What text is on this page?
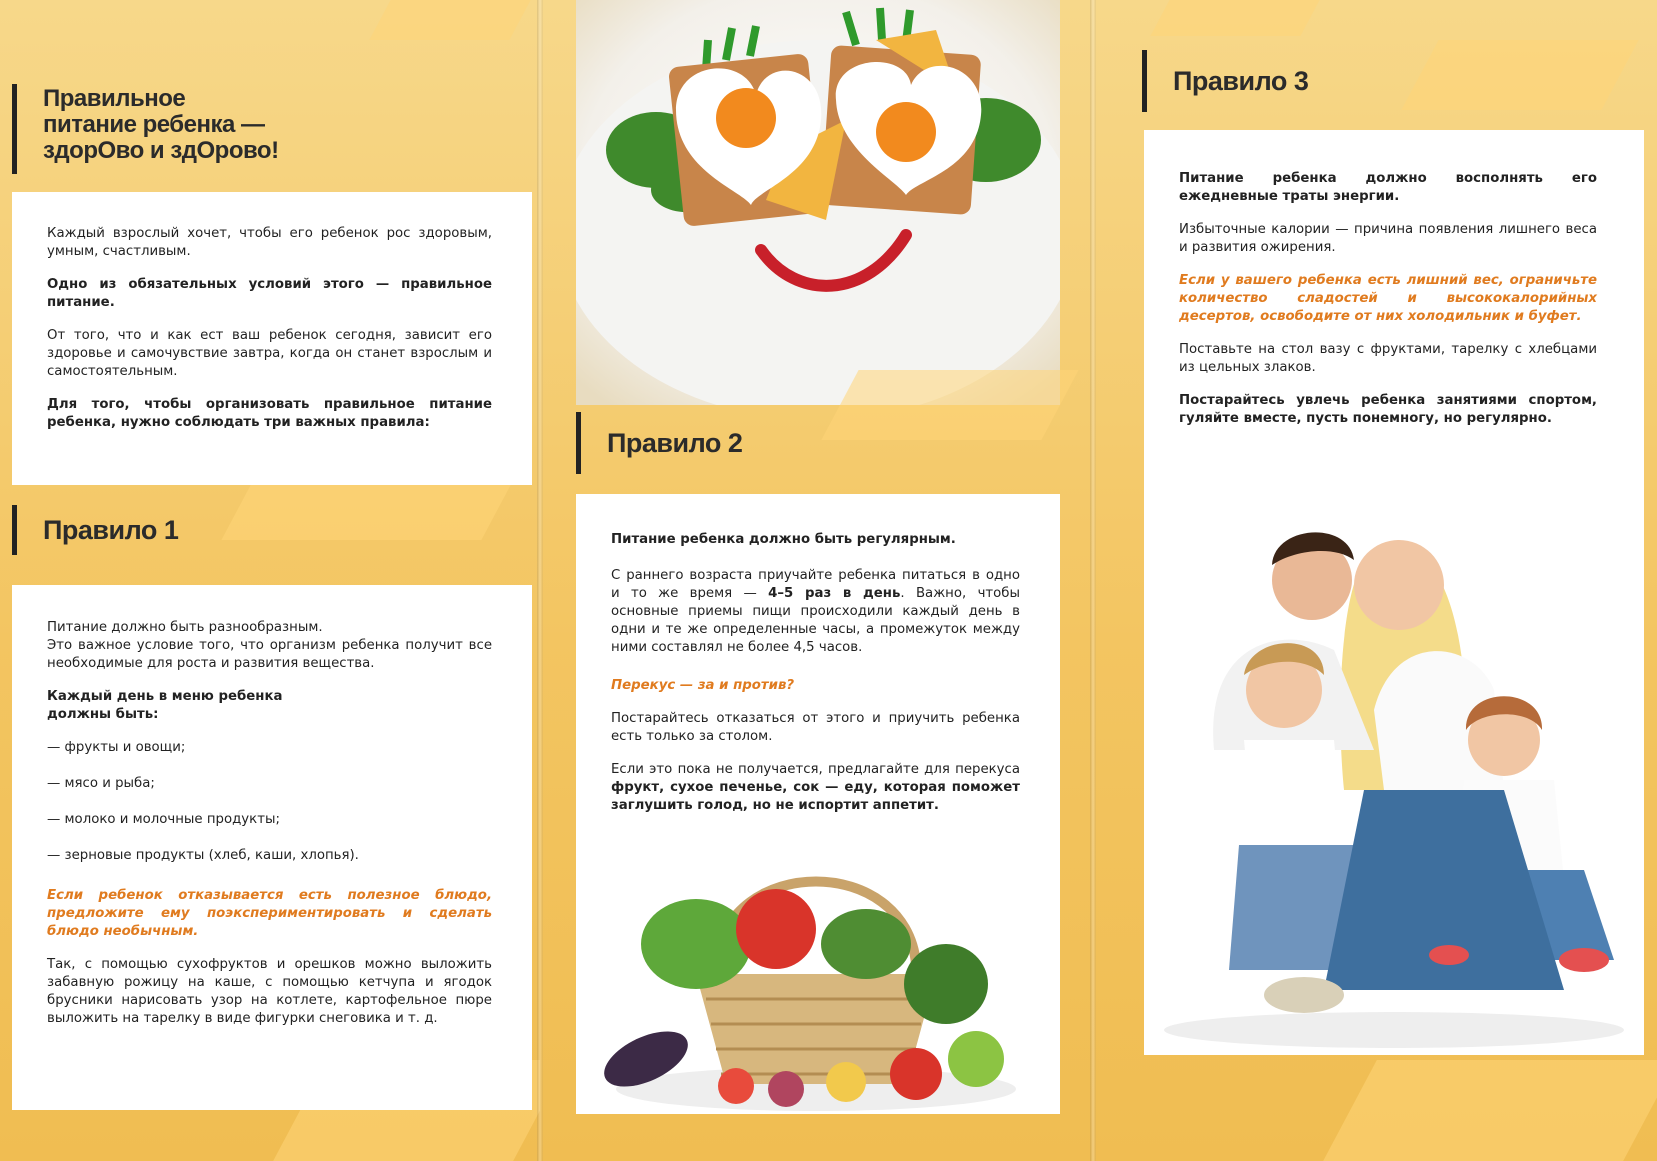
Правильное
питание ребенка —
здорОво и здОрово!

Каждый взрослый хочет, чтобы его ребенок рос здоровым, умным, счастливым.

Одно из обязательных условий этого — правильное питание.

От того, что и как ест ваш ребенок сегодня, зависит его здоровье и самочувствие завтра, когда он станет взрослым и самостоятельным.

Для того, чтобы организовать правильное питание ребенка, нужно соблюдать три важных правила:

Правило 1

Питание должно быть разнообразным.

Это важное условие того, что организм ребенка получит все необходимые для роста и развития вещества.

Каждый день в меню ребенка должны быть:

— фрукты и овощи;

— мясо и рыба;

— молоко и молочные продукты;

— зерновые продукты (хлеб, каши, хлопья).

Если ребенок отказывается есть полезное блюдо, предложите ему поэкспериментировать и сделать блюдо необычным.

Так, с помощью сухофруктов и орешков можно выложить забавную рожицу на каше, с помощью кетчупа и ягодок брусники нарисовать узор на котлете, картофельное пюре выложить на тарелку в виде фигурки снеговика и т. д.

Правило 2

Питание ребенка должно быть регулярным.

С раннего возраста приучайте ребенка питаться в одно и то же время — 4–5 раз в день. Важно, чтобы основные приемы пищи происходили каждый день в одни и те же определенные часы, а промежуток между ними составлял не более 4,5 часов.

Перекус — за и против?

Постарайтесь отказаться от этого и приучить ребенка есть только за столом.

Если это пока не получается, предлагайте для перекуса фрукт, сухое печенье, сок — еду, которая поможет заглушить голод, но не испортит аппетит.

Правило 3

Питание ребенка должно восполнять его ежедневные траты энергии.

Избыточные калории — причина появления лишнего веса и развития ожирения.

Если у вашего ребенка есть лишний вес, ограничьте количество сладостей и высококалорийных десертов, освободите от них холодильник и буфет.

Поставьте на стол вазу с фруктами, тарелку с хлебцами из цельных злаков.

Постарайтесь увлечь ребенка занятиями спортом, гуляйте вместе, пусть понемногу, но регулярно.
